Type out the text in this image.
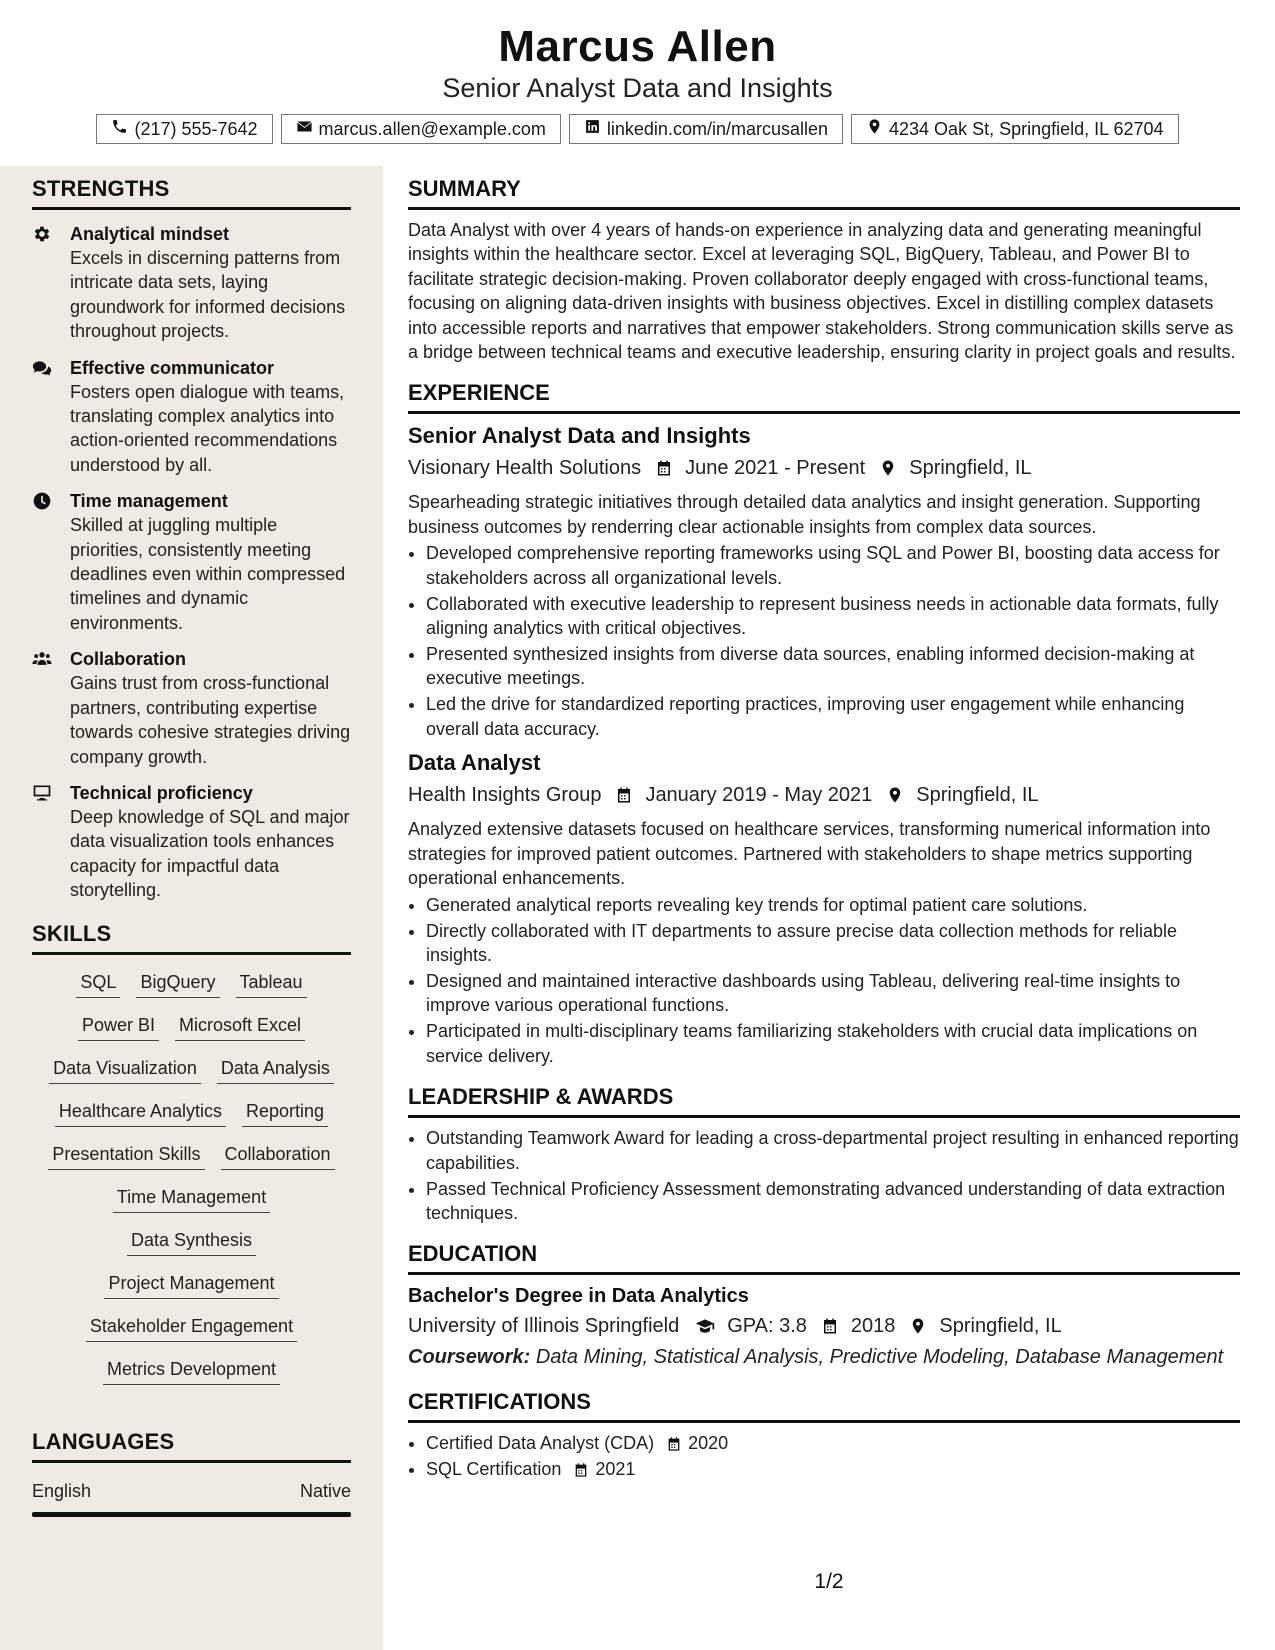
Marcus Allen
Senior Analyst Data and Insights
(217) 555-7642	marcus.allen@example.com	linkedin.com/in/marcusallen	4234 Oak St, Springfield, IL 62704
STRENGTHS
Analytical mindset
Excels in discerning patterns from intricate data sets, laying groundwork for informed decisions throughout projects.
Effective communicator
Fosters open dialogue with teams, translating complex analytics into action-oriented recommendations understood by all.
Time management
Skilled at juggling multiple priorities, consistently meeting deadlines even within compressed timelines and dynamic environments.
Collaboration
Gains trust from cross-functional partners, contributing expertise towards cohesive strategies driving company growth.
Technical proficiency
Deep knowledge of SQL and major data visualization tools enhances capacity for impactful data storytelling.
SKILLS
SQL BigQuery Tableau
Power BI Microsoft Excel
Data Visualization Data Analysis
Healthcare Analytics Reporting
Presentation Skills Collaboration
Time Management
Data Synthesis
Project Management
Stakeholder Engagement
Metrics Development
LANGUAGES
English	Native
SUMMARY
Data Analyst with over 4 years of hands-on experience in analyzing data and generating meaningful insights within the healthcare sector. Excel at leveraging SQL, BigQuery, Tableau, and Power BI to facilitate strategic decision-making. Proven collaborator deeply engaged with cross-functional teams, focusing on aligning data-driven insights with business objectives. Excel in distilling complex datasets into accessible reports and narratives that empower stakeholders. Strong communication skills serve as a bridge between technical teams and executive leadership, ensuring clarity in project goals and results.
EXPERIENCE
Senior Analyst Data and Insights
Visionary Health Solutions June 2021 - Present Springfield, IL
Spearheading strategic initiatives through detailed data analytics and insight generation. Supporting business outcomes by renderring clear actionable insights from complex data sources.
• Developed comprehensive reporting frameworks using SQL and Power BI, boosting data access for stakeholders across all organizational levels.
• Collaborated with executive leadership to represent business needs in actionable data formats, fully aligning analytics with critical objectives.
• Presented synthesized insights from diverse data sources, enabling informed decision-making at executive meetings.
• Led the drive for standardized reporting practices, improving user engagement while enhancing overall data accuracy.
Data Analyst
Health Insights Group January 2019 - May 2021 Springfield, IL
Analyzed extensive datasets focused on healthcare services, transforming numerical information into strategies for improved patient outcomes. Partnered with stakeholders to shape metrics supporting operational enhancements.
• Generated analytical reports revealing key trends for optimal patient care solutions.
• Directly collaborated with IT departments to assure precise data collection methods for reliable insights.
• Designed and maintained interactive dashboards using Tableau, delivering real-time insights to improve various operational functions.
• Participated in multi-disciplinary teams familiarizing stakeholders with crucial data implications on service delivery.
LEADERSHIP & AWARDS
• Outstanding Teamwork Award for leading a cross-departmental project resulting in enhanced reporting capabilities.
• Passed Technical Proficiency Assessment demonstrating advanced understanding of data extraction techniques.
EDUCATION
Bachelor's Degree in Data Analytics
University of Illinois Springfield GPA: 3.8 2018 Springfield, IL
Coursework: Data Mining, Statistical Analysis, Predictive Modeling, Database Management
CERTIFICATIONS
• Certified Data Analyst (CDA) 2020
• SQL Certification 2021
1/2
